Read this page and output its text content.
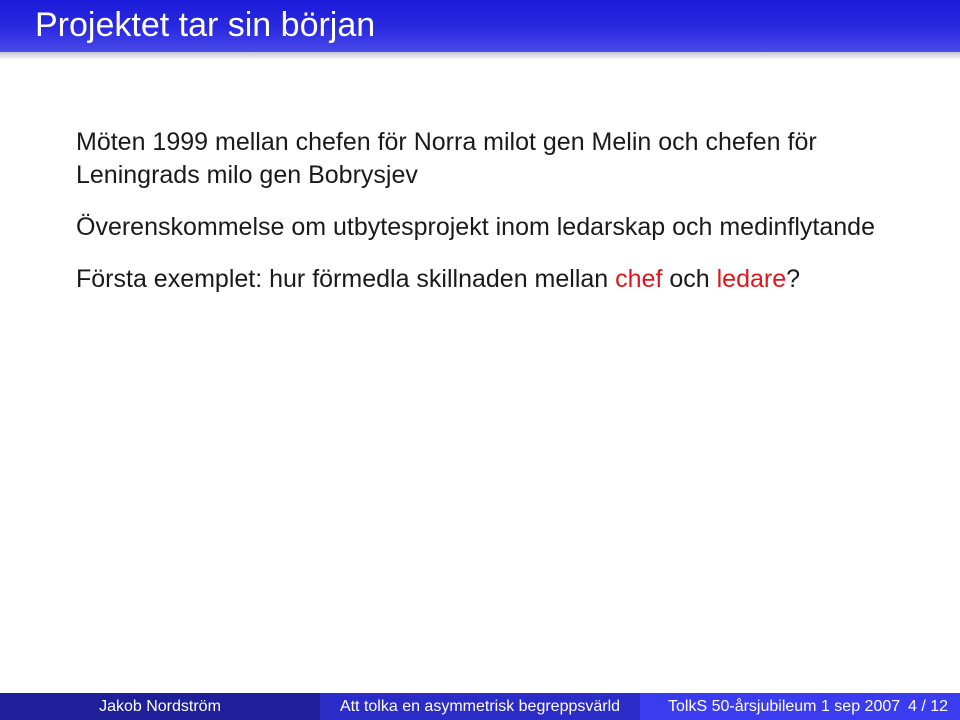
Projektet tar sin början

Möten 1999 mellan chefen för Norra milot gen Melin och chefen för Leningrads milo gen Bobrysjev

Överenskommelse om utbytesprojekt inom ledarskap och medinflytande

Första exemplet: hur förmedla skillnaden mellan chef och ledare?

Jakob Nordström	Att tolka en asymmetrisk begreppsvärld	TolkS 50-årsjubileum 1 sep 2007 4 / 12
